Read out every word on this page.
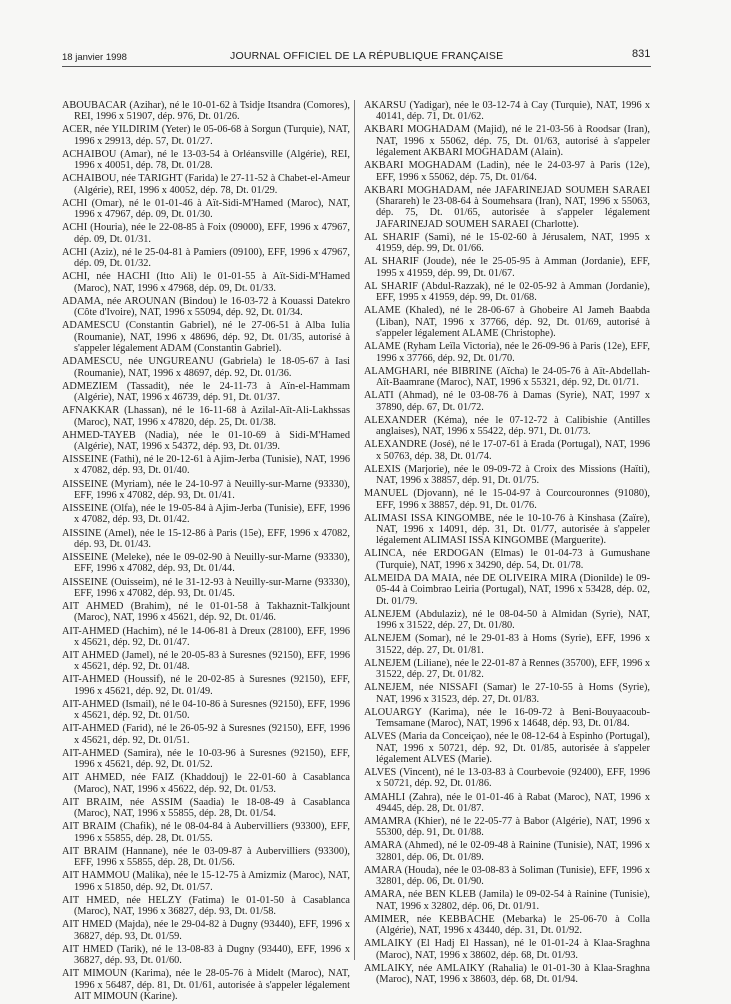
18 janvier 1998	JOURNAL OFFICIEL DE LA RÉPUBLIQUE FRANÇAISE	831

ABOUBACAR (Azihar), né le 10-01-62 à Tsidje Itsandra (Comores), REI, 1996 x 51907, dép. 976, Dt. 01/26.

ACER, née YILDIRIM (Yeter) le 05-06-68 à Sorgun (Turquie), NAT, 1996 x 29913, dép. 57, Dt. 01/27.

ACHAIBOU (Amar), né le 13-03-54 à Orléansville (Algérie), REI, 1996 x 40051, dép. 78, Dt. 01/28.

ACHAIBOU, née TARIGHT (Farida) le 27-11-52 à Chabet-el-Ameur (Algérie), REI, 1996 x 40052, dép. 78, Dt. 01/29.

ACHI (Omar), né le 01-01-46 à Aït-Sidi-M'Hamed (Maroc), NAT, 1996 x 47967, dép. 09, Dt. 01/30.

ACHI (Houria), née le 22-08-85 à Foix (09000), EFF, 1996 x 47967, dép. 09, Dt. 01/31.

ACHI (Aziz), né le 25-04-81 à Pamiers (09100), EFF, 1996 x 47967, dép. 09, Dt. 01/32.

ACHI, née HACHI (Itto Ali) le 01-01-55 à Aït-Sidi-M'Hamed (Maroc), NAT, 1996 x 47968, dép. 09, Dt. 01/33.

ADAMA, née AROUNAN (Bindou) le 16-03-72 à Kouassi Datekro (Côte d'Ivoire), NAT, 1996 x 55094, dép. 92, Dt. 01/34.

ADAMESCU (Constantin Gabriel), né le 27-06-51 à Alba Iulia (Roumanie), NAT, 1996 x 48696, dép. 92, Dt. 01/35, autorisé à s'appeler légalement ADAM (Constantin Gabriel).

ADAMESCU, née UNGUREANU (Gabriela) le 18-05-67 à Iasi (Roumanie), NAT, 1996 x 48697, dép. 92, Dt. 01/36.

ADMEZIEM (Tassadit), née le 24-11-73 à Aïn-el-Hammam (Algérie), NAT, 1996 x 46739, dép. 91, Dt. 01/37.

AFNAKKAR (Lhassan), né le 16-11-68 à Azilal-Aït-Ali-Lakhssas (Maroc), NAT, 1996 x 47820, dép. 25, Dt. 01/38.

AHMED-TAYEB (Nadia), née le 01-10-69 à Sidi-M'Hamed (Algérie), NAT, 1996 x 54372, dép. 93, Dt. 01/39.

AISSEINE (Fathi), né le 20-12-61 à Ajim-Jerba (Tunisie), NAT, 1996 x 47082, dép. 93, Dt. 01/40.

AISSEINE (Myriam), née le 24-10-97 à Neuilly-sur-Marne (93330), EFF, 1996 x 47082, dép. 93, Dt. 01/41.

AISSEINE (Olfa), née le 19-05-84 à Ajim-Jerba (Tunisie), EFF, 1996 x 47082, dép. 93, Dt. 01/42.

AISSINE (Amel), née le 15-12-86 à Paris (15e), EFF, 1996 x 47082, dép. 93, Dt. 01/43.

AISSEINE (Meleke), née le 09-02-90 à Neuilly-sur-Marne (93330), EFF, 1996 x 47082, dép. 93, Dt. 01/44.

AISSEINE (Ouisseim), né le 31-12-93 à Neuilly-sur-Marne (93330), EFF, 1996 x 47082, dép. 93, Dt. 01/45.

AIT AHMED (Brahim), né le 01-01-58 à Takhaznit-Talkjount (Maroc), NAT, 1996 x 45621, dép. 92, Dt. 01/46.

AIT-AHMED (Hachim), né le 14-06-81 à Dreux (28100), EFF, 1996 x 45621, dép. 92, Dt. 01/47.

AIT AHMED (Jamel), né le 20-05-83 à Suresnes (92150), EFF, 1996 x 45621, dép. 92, Dt. 01/48.

AIT-AHMED (Houssif), né le 20-02-85 à Suresnes (92150), EFF, 1996 x 45621, dép. 92, Dt. 01/49.

AIT-AHMED (Ismail), né le 04-10-86 à Suresnes (92150), EFF, 1996 x 45621, dép. 92, Dt. 01/50.

AIT-AHMED (Farid), né le 26-05-92 à Suresnes (92150), EFF, 1996 x 45621, dép. 92, Dt. 01/51.

AIT-AHMED (Samira), née le 10-03-96 à Suresnes (92150), EFF, 1996 x 45621, dép. 92, Dt. 01/52.

AIT AHMED, née FAIZ (Khaddouj) le 22-01-60 à Casablanca (Maroc), NAT, 1996 x 45622, dép. 92, Dt. 01/53.

AIT BRAIM, née ASSIM (Saadia) le 18-08-49 à Casablanca (Maroc), NAT, 1996 x 55855, dép. 28, Dt. 01/54.

AIT BRAIM (Chafik), né le 08-04-84 à Aubervilliers (93300), EFF, 1996 x 55855, dép. 28, Dt. 01/55.

AIT BRAIM (Hannane), née le 03-09-87 à Aubervilliers (93300), EFF, 1996 x 55855, dép. 28, Dt. 01/56.

AIT HAMMOU (Malika), née le 15-12-75 à Amizmiz (Maroc), NAT, 1996 x 51850, dép. 92, Dt. 01/57.

AIT HMED, née HELZY (Fatima) le 01-01-50 à Casablanca (Maroc), NAT, 1996 x 36827, dép. 93, Dt. 01/58.

AIT HMED (Majda), née le 29-04-82 à Dugny (93440), EFF, 1996 x 36827, dép. 93, Dt. 01/59.

AIT HMED (Tarik), né le 13-08-83 à Dugny (93440), EFF, 1996 x 36827, dép. 93, Dt. 01/60.

AIT MIMOUN (Karima), née le 28-05-76 à Midelt (Maroc), NAT, 1996 x 56487, dép. 81, Dt. 01/61, autorisée à s'appeler légalement AIT MIMOUN (Karine).

AKARSU (Yadigar), née le 03-12-74 à Cay (Turquie), NAT, 1996 x 40141, dép. 71, Dt. 01/62.

AKBARI MOGHADAM (Majid), né le 21-03-56 à Roodsar (Iran), NAT, 1996 x 55062, dép. 75, Dt. 01/63, autorisé à s'appeler légalement AKBARI MOGHADAM (Alain).

AKBARI MOGHADAM (Ladin), née le 24-03-97 à Paris (12e), EFF, 1996 x 55062, dép. 75, Dt. 01/64.

AKBARI MOGHADAM, née JAFARINEJAD SOUMEH SARAEI (Sharareh) le 23-08-64 à Soumehsara (Iran), NAT, 1996 x 55063, dép. 75, Dt. 01/65, autorisée à s'appeler légalement JAFARINEJAD SOUMEH SARAEI (Charlotte).

AL SHARIF (Sami), né le 15-02-60 à Jérusalem, NAT, 1995 x 41959, dép. 99, Dt. 01/66.

AL SHARIF (Joude), née le 25-05-95 à Amman (Jordanie), EFF, 1995 x 41959, dép. 99, Dt. 01/67.

AL SHARIF (Abdul-Razzak), né le 02-05-92 à Amman (Jordanie), EFF, 1995 x 41959, dép. 99, Dt. 01/68.

ALAME (Khaled), né le 28-06-67 à Ghobeire Al Jameh Baabda (Liban), NAT, 1996 x 37766, dép. 92, Dt. 01/69, autorisé à s'appeler légalement ALAME (Christophe).

ALAME (Ryham Leïla Victoria), née le 26-09-96 à Paris (12e), EFF, 1996 x 37766, dép. 92, Dt. 01/70.

ALAMGHARI, née BIBRINE (Aïcha) le 24-05-76 à Aït-Abdellah-Aït-Baamrane (Maroc), NAT, 1996 x 55321, dép. 92, Dt. 01/71.

ALATI (Ahmad), né le 03-08-76 à Damas (Syrie), NAT, 1997 x 37890, dép. 67, Dt. 01/72.

ALEXANDER (Kéma), née le 07-12-72 à Calibishie (Antilles anglaises), NAT, 1996 x 55422, dép. 971, Dt. 01/73.

ALEXANDRE (José), né le 17-07-61 à Erada (Portugal), NAT, 1996 x 50763, dép. 38, Dt. 01/74.

ALEXIS (Marjorie), née le 09-09-72 à Croix des Missions (Haïti), NAT, 1996 x 38857, dép. 91, Dt. 01/75.

MANUEL (Djovann), né le 15-04-97 à Courcouronnes (91080), EFF, 1996 x 38857, dép. 91, Dt. 01/76.

ALIMASI ISSA KINGOMBE, née le 10-10-76 à Kinshasa (Zaïre), NAT, 1996 x 14091, dép. 31, Dt. 01/77, autorisée à s'appeler légalement ALIMASI ISSA KINGOMBE (Marguerite).

ALINCA, née ERDOGAN (Elmas) le 01-04-73 à Gumushane (Turquie), NAT, 1996 x 34290, dép. 54, Dt. 01/78.

ALMEIDA DA MAIA, née DE OLIVEIRA MIRA (Dionilde) le 09-05-44 à Coimbrao Leiria (Portugal), NAT, 1996 x 53428, dép. 02, Dt. 01/79.

ALNEJEM (Abdulaziz), né le 08-04-50 à Almidan (Syrie), NAT, 1996 x 31522, dép. 27, Dt. 01/80.

ALNEJEM (Somar), né le 29-01-83 à Homs (Syrie), EFF, 1996 x 31522, dép. 27, Dt. 01/81.

ALNEJEM (Liliane), née le 22-01-87 à Rennes (35700), EFF, 1996 x 31522, dép. 27, Dt. 01/82.

ALNEJEM, née NISSAFI (Samar) le 27-10-55 à Homs (Syrie), NAT, 1996 x 31523, dép. 27, Dt. 01/83.

ALOUARGY (Karima), née le 16-09-72 à Beni-Bouyaacoub-Temsamane (Maroc), NAT, 1996 x 14648, dép. 93, Dt. 01/84.

ALVES (Maria da Conceiçao), née le 08-12-64 à Espinho (Portugal), NAT, 1996 x 50721, dép. 92, Dt. 01/85, autorisée à s'appeler légalement ALVES (Marie).

ALVES (Vincent), né le 13-03-83 à Courbevoie (92400), EFF, 1996 x 50721, dép. 92, Dt. 01/86.

AMAHLI (Zahra), née le 01-01-46 à Rabat (Maroc), NAT, 1996 x 49445, dép. 28, Dt. 01/87.

AMAMRA (Khier), né le 22-05-77 à Babor (Algérie), NAT, 1996 x 55300, dép. 91, Dt. 01/88.

AMARA (Ahmed), né le 02-09-48 à Rainine (Tunisie), NAT, 1996 x 32801, dép. 06, Dt. 01/89.

AMARA (Houda), née le 03-08-83 à Soliman (Tunisie), EFF, 1996 x 32801, dép. 06, Dt. 01/90.

AMARA, née BEN KLEB (Jamila) le 09-02-54 à Rainine (Tunisie), NAT, 1996 x 32802, dép. 06, Dt. 01/91.

AMIMER, née KEBBACHE (Mebarka) le 25-06-70 à Colla (Algérie), NAT, 1996 x 43440, dép. 31, Dt. 01/92.

AMLAIKY (El Hadj El Hassan), né le 01-01-24 à Klaa-Sraghna (Maroc), NAT, 1996 x 38602, dép. 68, Dt. 01/93.

AMLAIKY, née AMLAIKY (Rahalia) le 01-01-30 à Klaa-Sraghna (Maroc), NAT, 1996 x 38603, dép. 68, Dt. 01/94.
